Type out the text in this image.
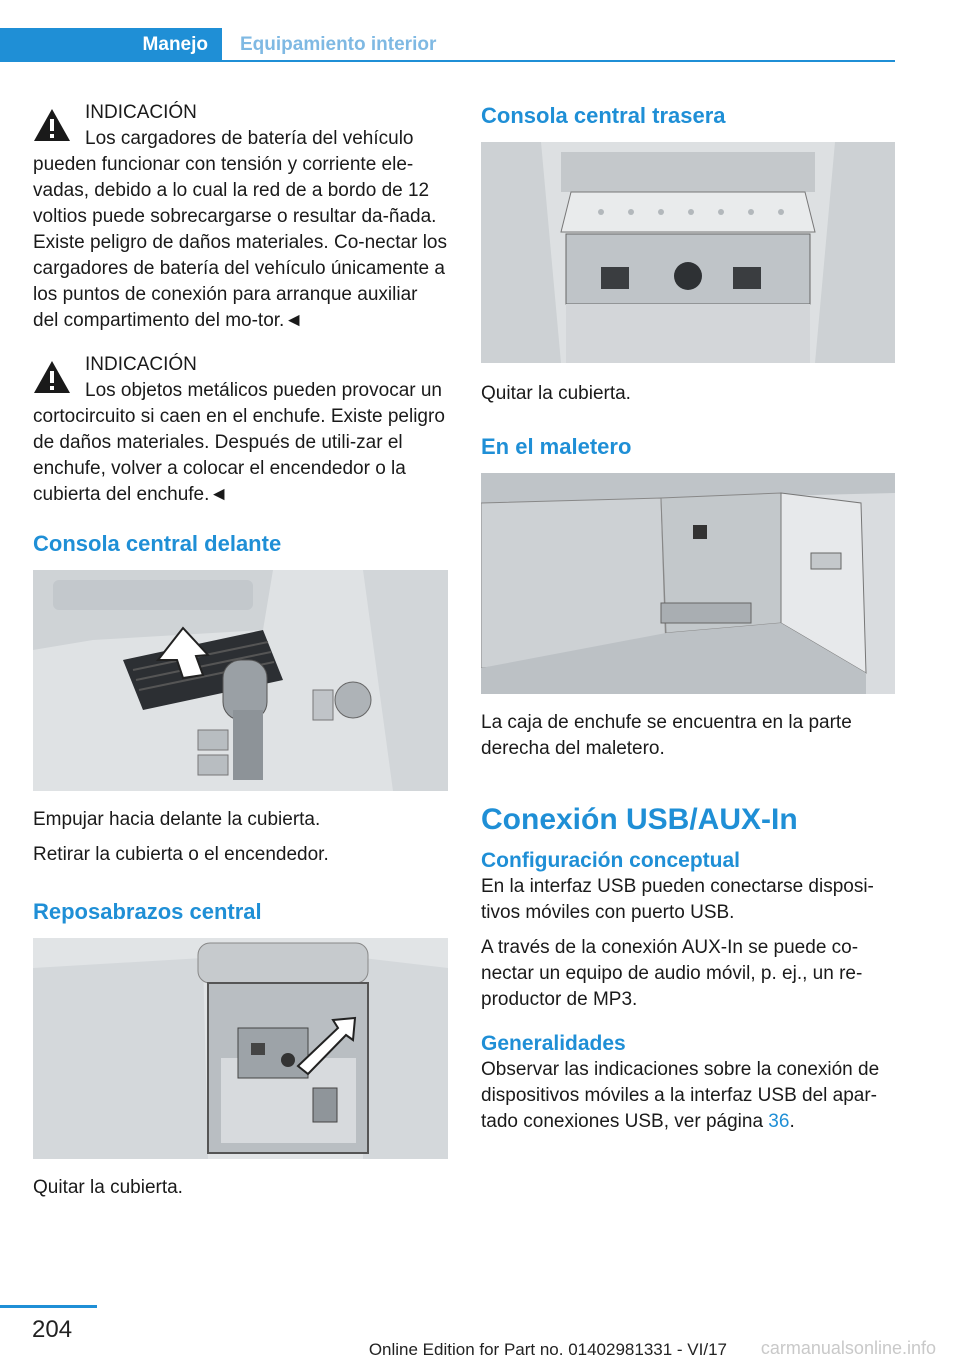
Manejo Equipamiento interior
INDICACIÓN

Los cargadores de batería del vehículo pueden funcionar con tensión y corriente ele‐vadas, debido a lo cual la red de a bordo de 12 voltios puede sobrecargarse o resultar da‐ñada. Existe peligro de daños materiales. Co‐nectar los cargadores de batería del vehículo únicamente a los puntos de conexión para arranque auxiliar del compartimento del mo‐tor.◄

INDICACIÓN

Los objetos metálicos pueden provocar un cortocircuito si caen en el enchufe. Existe peligro de daños materiales. Después de utili‐zar el enchufe, volver a colocar el encendedor o la cubierta del enchufe.◄

Consola central delante

Empujar hacia delante la cubierta.

Retirar la cubierta o el encendedor.

Reposabrazos central

Quitar la cubierta.

Consola central trasera

Quitar la cubierta.

En el maletero

La caja de enchufe se encuentra en la parte derecha del maletero.

Conexión USB/AUX-In
Configuración conceptual

En la interfaz USB pueden conectarse disposi‐tivos móviles con puerto USB.

A través de la conexión AUX-In se puede co‐nectar un equipo de audio móvil, p. ej., un re‐productor de MP3.

Generalidades

Observar las indicaciones sobre la conexión de dispositivos móviles a la interfaz USB del apar‐tado conexiones USB, ver página 36.

204
Online Edition for Part no. 01402981331 - VI/17 carmanualsonline.info
